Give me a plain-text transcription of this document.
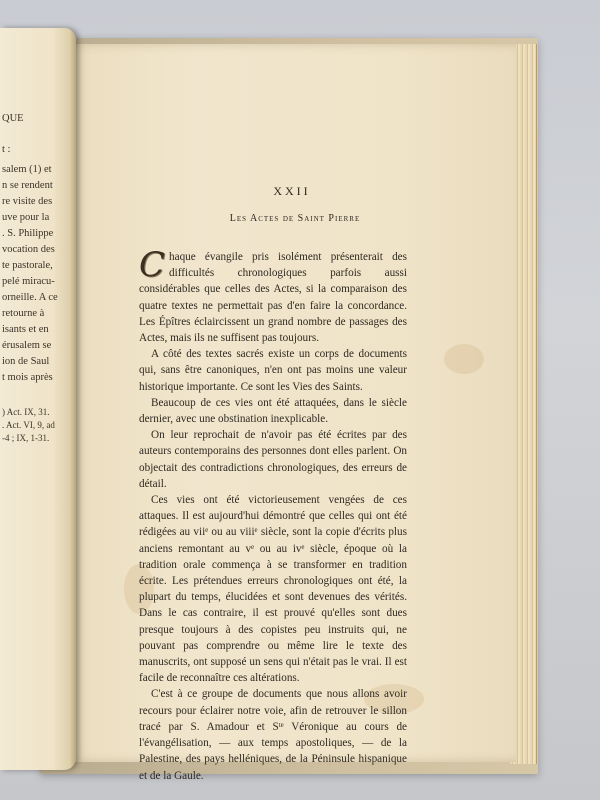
QUE
t :
salem (1) et
n se rendent
re visite des
uve pour la
. S. Philippe
vocation des
te pastorale,
pelé miracu-
orneille. A ce
retourne à
isants et en
érusalem se
ion de Saul
t mois après
) Act. IX, 31.
. Act. VI, 9, ad
-4 ; IX, 1-31.
XXII
Les Actes de Saint Pierre

Chaque évangile pris isolément présenterait des difficultés chronologiques parfois aussi considérables que celles des Actes, si la comparaison des quatre textes ne permettait pas d'en faire la concordance. Les Épîtres éclaircissent un grand nombre de passages des Actes, mais ils ne suffisent pas toujours.

A côté des textes sacrés existe un corps de documents qui, sans être canoniques, n'en ont pas moins une valeur historique importante. Ce sont les Vies des Saints.

Beaucoup de ces vies ont été attaquées, dans le siècle dernier, avec une obstination inexplicable.

On leur reprochait de n'avoir pas été écrites par des auteurs contemporains des personnes dont elles parlent. On objectait des contradictions chronologiques, des erreurs de détail.

Ces vies ont été victorieusement vengées de ces attaques. Il est aujourd'hui démontré que celles qui ont été rédigées au viiᵉ ou au viiiᵉ siècle, sont la copie d'écrits plus anciens remontant au vᵉ ou au ivᵉ siècle, époque où la tradition orale commença à se transformer en tradition écrite. Les prétendues erreurs chronologiques ont été, la plupart du temps, élucidées et sont devenues des vérités. Dans le cas contraire, il est prouvé qu'elles sont dues presque toujours à des copistes peu instruits qui, ne pouvant pas comprendre ou même lire le texte des manuscrits, ont supposé un sens qui n'était pas le vrai. Il est facile de reconnaître ces altérations.

C'est à ce groupe de documents que nous allons avoir recours pour éclairer notre voie, afin de retrouver le sillon tracé par S. Amadour et Sᵗᵉ Véronique au cours de l'évangélisation, — aux temps apostoliques, — de la Palestine, des pays helléniques, de la Péninsule hispanique et de la Gaule.
